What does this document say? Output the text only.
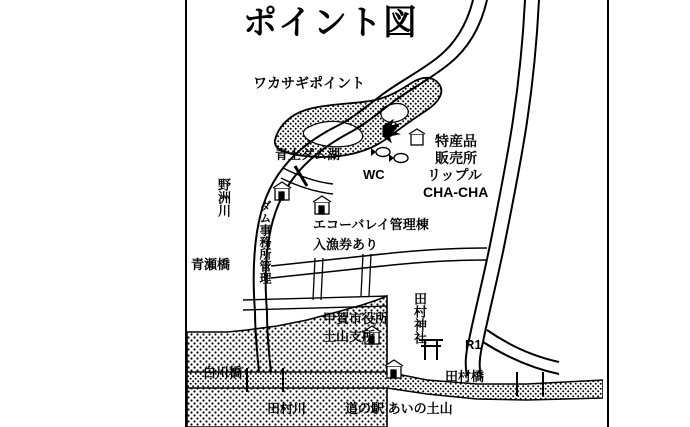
ポイント図
ワカサギポイント
青土ダム湖
WC
特産品
販売所
リップル
CHA-CHA
野洲川
ダム事務所管理	エコーバレイ管理棟
入漁券あり
青瀬橋
甲賀市役所
土山支所	田村神社
R1
白川橋	田村橋
田村川	道の駅 あいの土山
